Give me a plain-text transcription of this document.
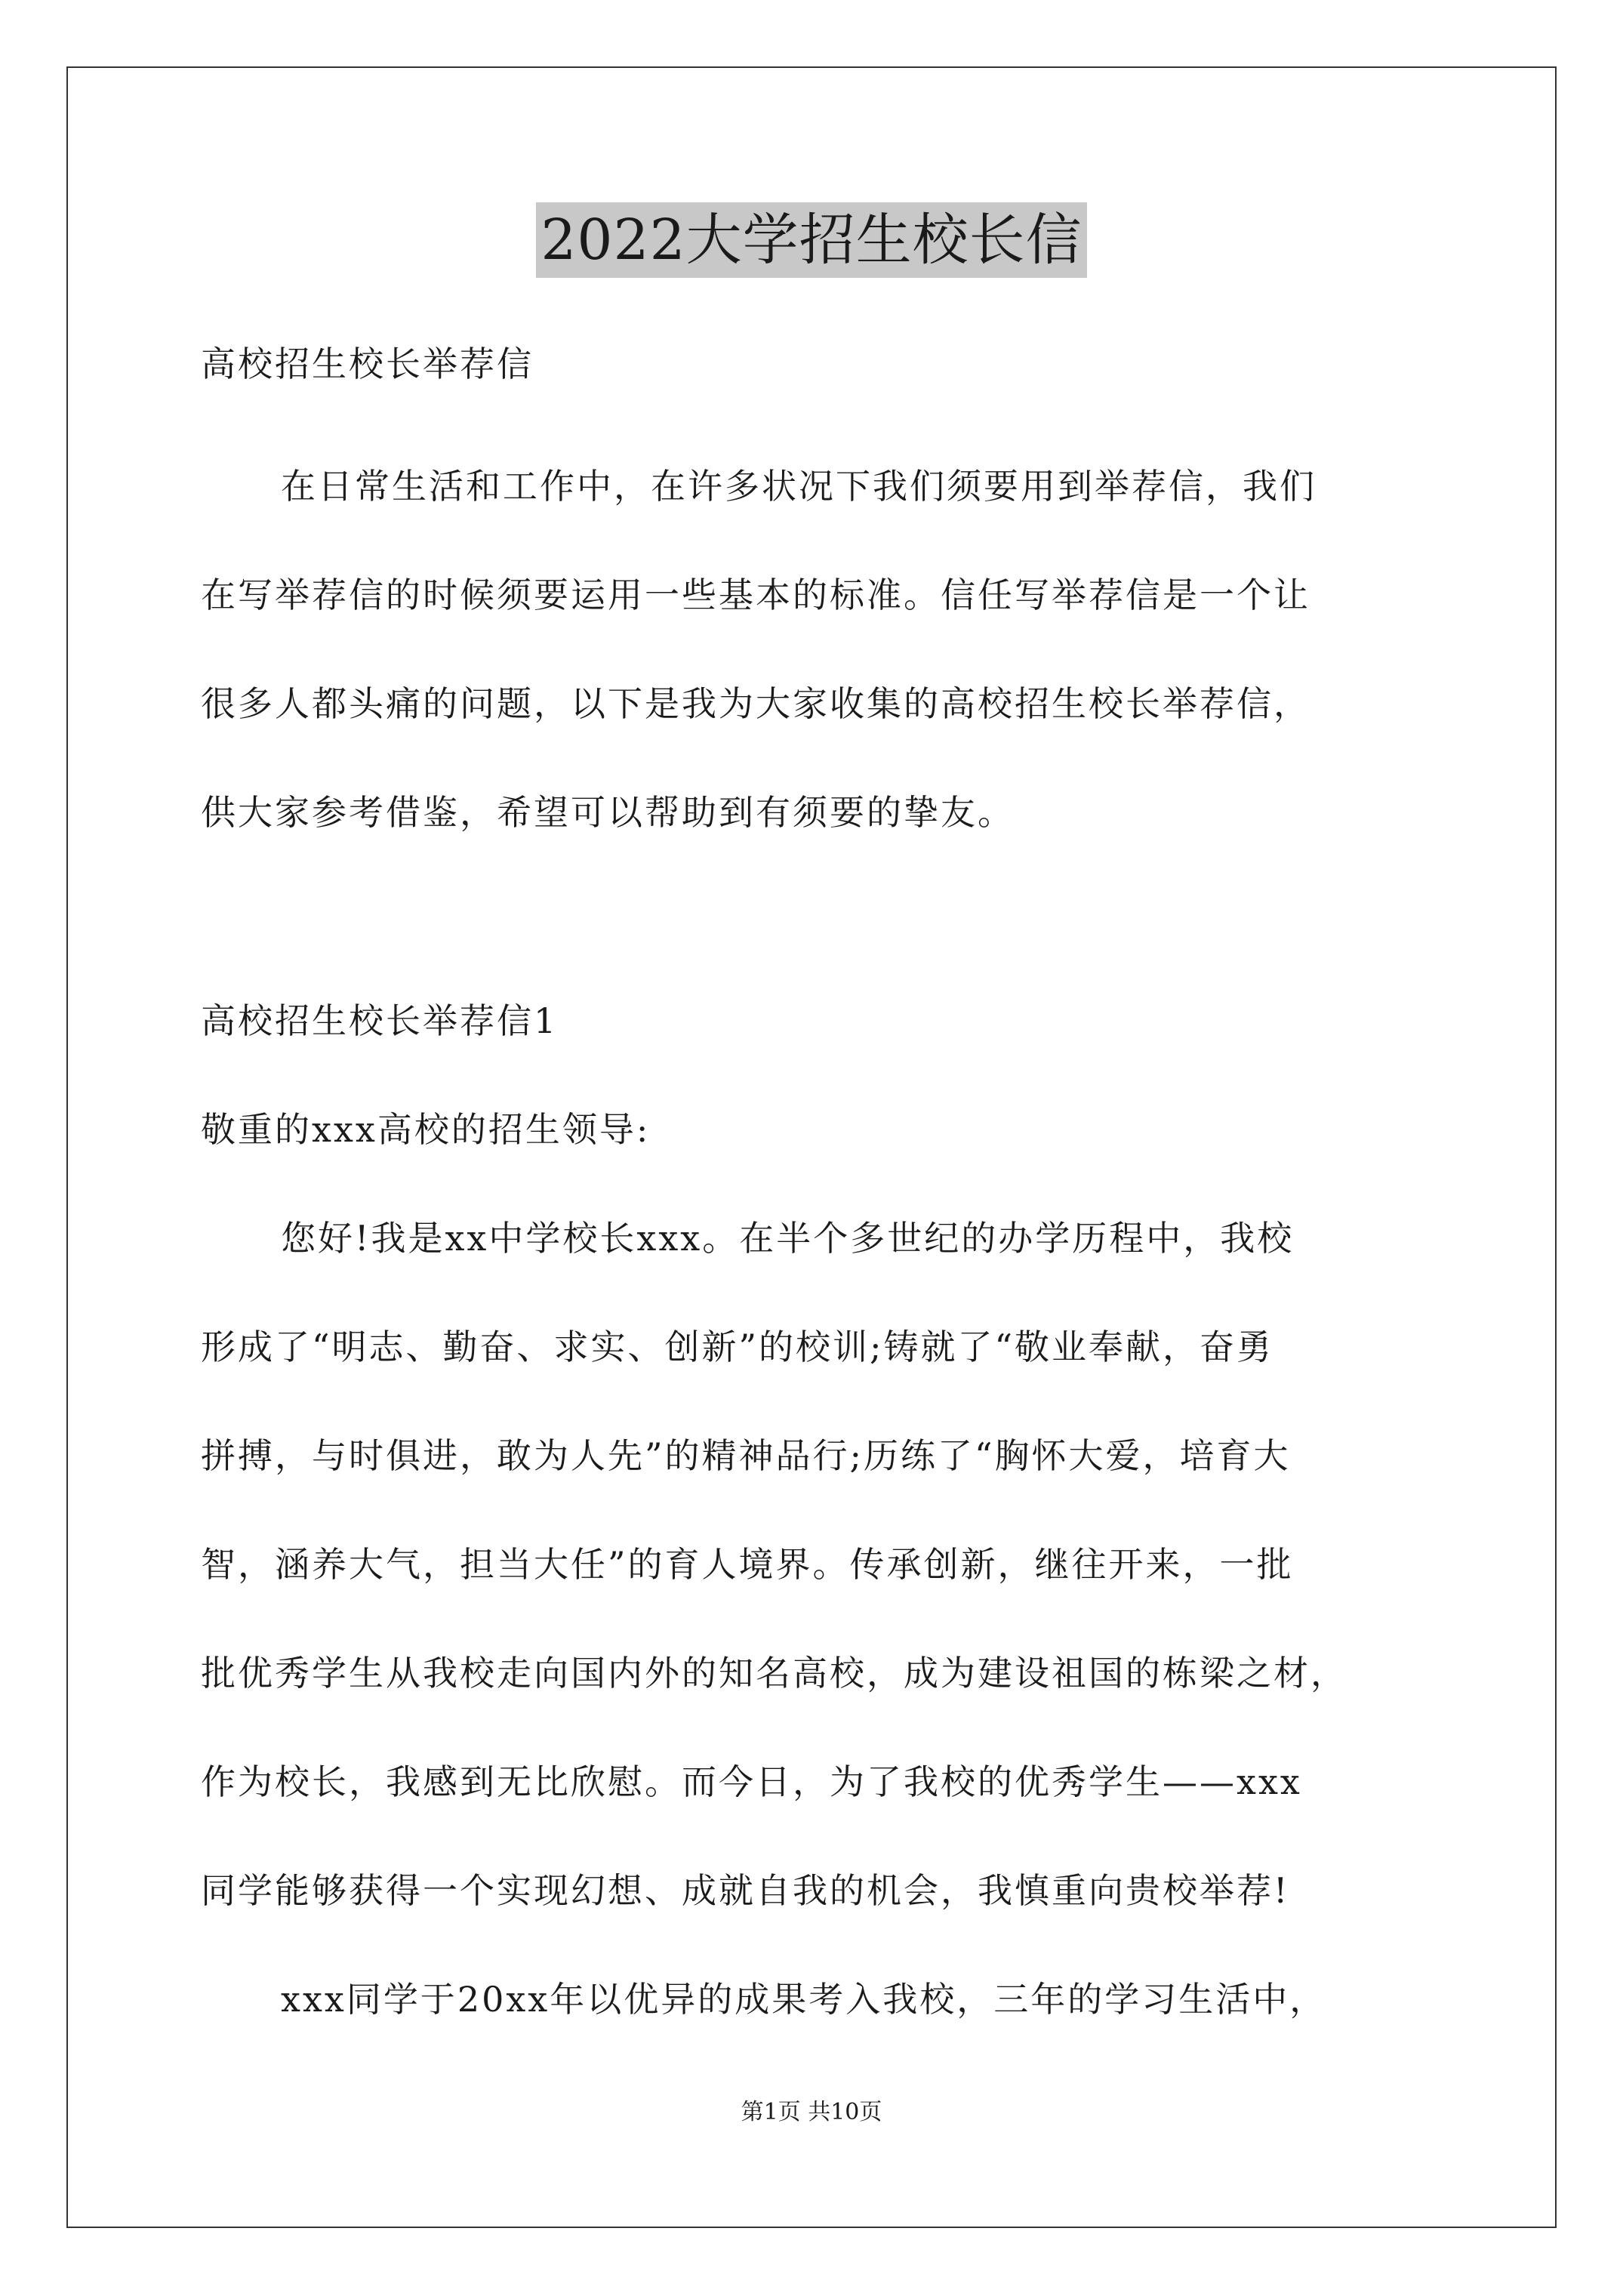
2022大学招生校长信
高校招生校长举荐信
在日常生活和工作中，在许多状况下我们须要用到举荐信，我们
在写举荐信的时候须要运用一些基本的标准。信任写举荐信是一个让
很多人都头痛的问题，以下是我为大家收集的高校招生校长举荐信，
供大家参考借鉴，希望可以帮助到有须要的挚友。
高校招生校长举荐信1
敬重的xxx高校的招生领导:
您好!我是xx中学校长xxx。在半个多世纪的办学历程中，我校
形成了“明志、勤奋、求实、创新”的校训;铸就了“敬业奉献，奋勇
拼搏，与时俱进，敢为人先”的精神品行;历练了“胸怀大爱，培育大
智，涵养大气，担当大任”的育人境界。传承创新，继往开来，一批
批优秀学生从我校走向国内外的知名高校，成为建设祖国的栋梁之材，
作为校长，我感到无比欣慰。而今日，为了我校的优秀学生——xxx
同学能够获得一个实现幻想、成就自我的机会，我慎重向贵校举荐!
xxx同学于20xx年以优异的成果考入我校，三年的学习生活中，
第1页 共10页
